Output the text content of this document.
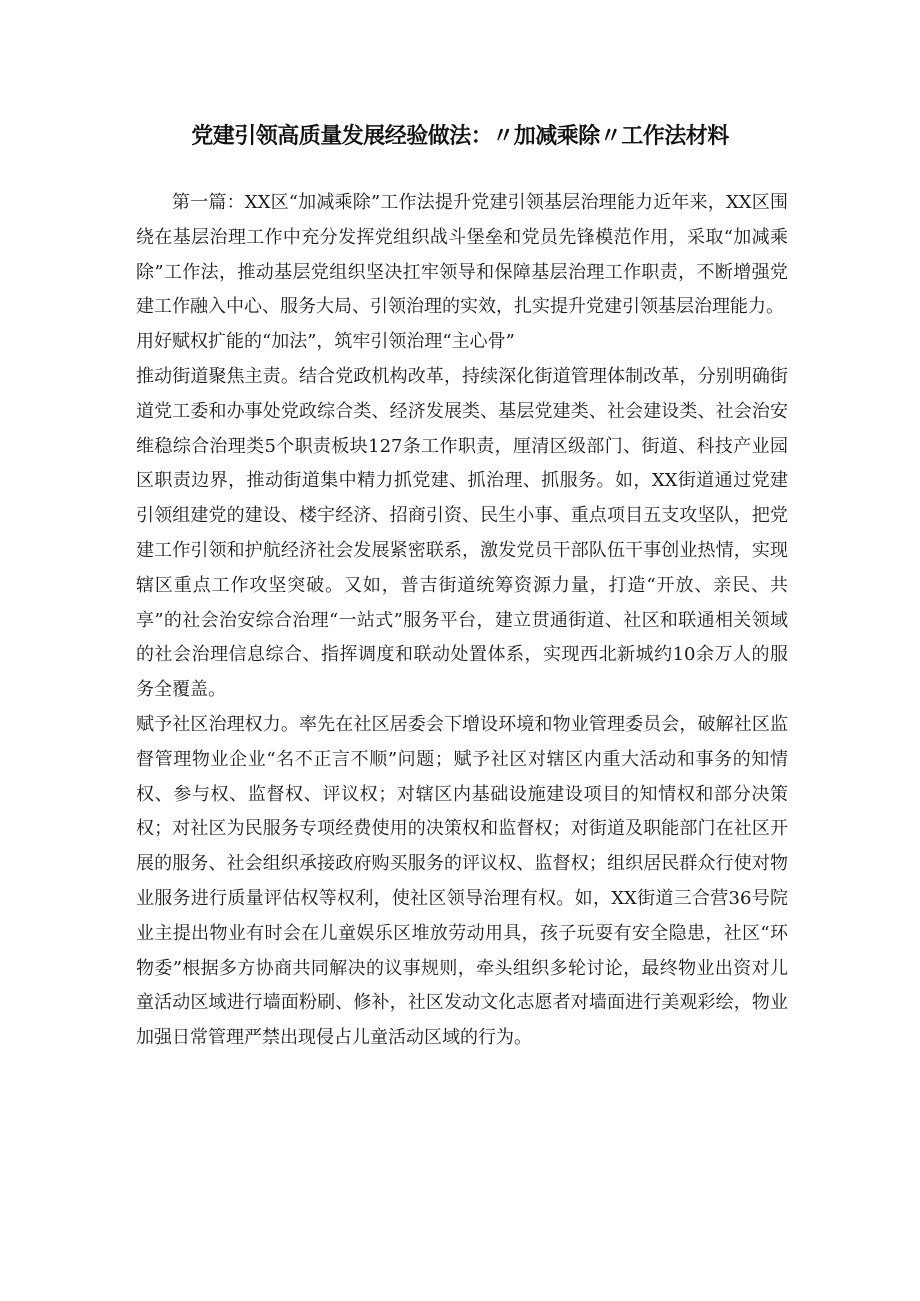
党建引领高质量发展经验做法：〃加减乘除〃工作法材料

第一篇：XX区“加减乘除”工作法提升党建引领基层治理能力近年来，XX区围绕在基层治理工作中充分发挥党组织战斗堡垒和党员先锋模范作用，采取“加减乘除”工作法，推动基层党组织坚决扛牢领导和保障基层治理工作职责，不断增强党建工作融入中心、服务大局、引领治理的实效，扎实提升党建引领基层治理能力。

用好赋权扩能的“加法”，筑牢引领治理“主心骨”

推动街道聚焦主责。结合党政机构改革，持续深化街道管理体制改革，分别明确街道党工委和办事处党政综合类、经济发展类、基层党建类、社会建设类、社会治安维稳综合治理类5个职责板块127条工作职责，厘清区级部门、街道、科技产业园区职责边界，推动街道集中精力抓党建、抓治理、抓服务。如，XX街道通过党建引领组建党的建设、楼宇经济、招商引资、民生小事、重点项目五支攻坚队，把党建工作引领和护航经济社会发展紧密联系，激发党员干部队伍干事创业热情，实现辖区重点工作攻坚突破。又如，普吉街道统筹资源力量，打造“开放、亲民、共享”的社会治安综合治理“一站式”服务平台，建立贯通街道、社区和联通相关领域的社会治理信息综合、指挥调度和联动处置体系，实现西北新城约10余万人的服务全覆盖。

赋予社区治理权力。率先在社区居委会下增设环境和物业管理委员会，破解社区监督管理物业企业“名不正言不顺”问题；赋予社区对辖区内重大活动和事务的知情权、参与权、监督权、评议权；对辖区内基础设施建设项目的知情权和部分决策权；对社区为民服务专项经费使用的决策权和监督权；对街道及职能部门在社区开展的服务、社会组织承接政府购买服务的评议权、监督权；组织居民群众行使对物业服务进行质量评估权等权利，使社区领导治理有权。如，XX街道三合营36号院业主提出物业有时会在儿童娱乐区堆放劳动用具，孩子玩耍有安全隐患，社区“环物委”根据多方协商共同解决的议事规则，牵头组织多轮讨论，最终物业出资对儿童活动区域进行墙面粉刷、修补，社区发动文化志愿者对墙面进行美观彩绘，物业加强日常管理严禁出现侵占儿童活动区域的行为。
